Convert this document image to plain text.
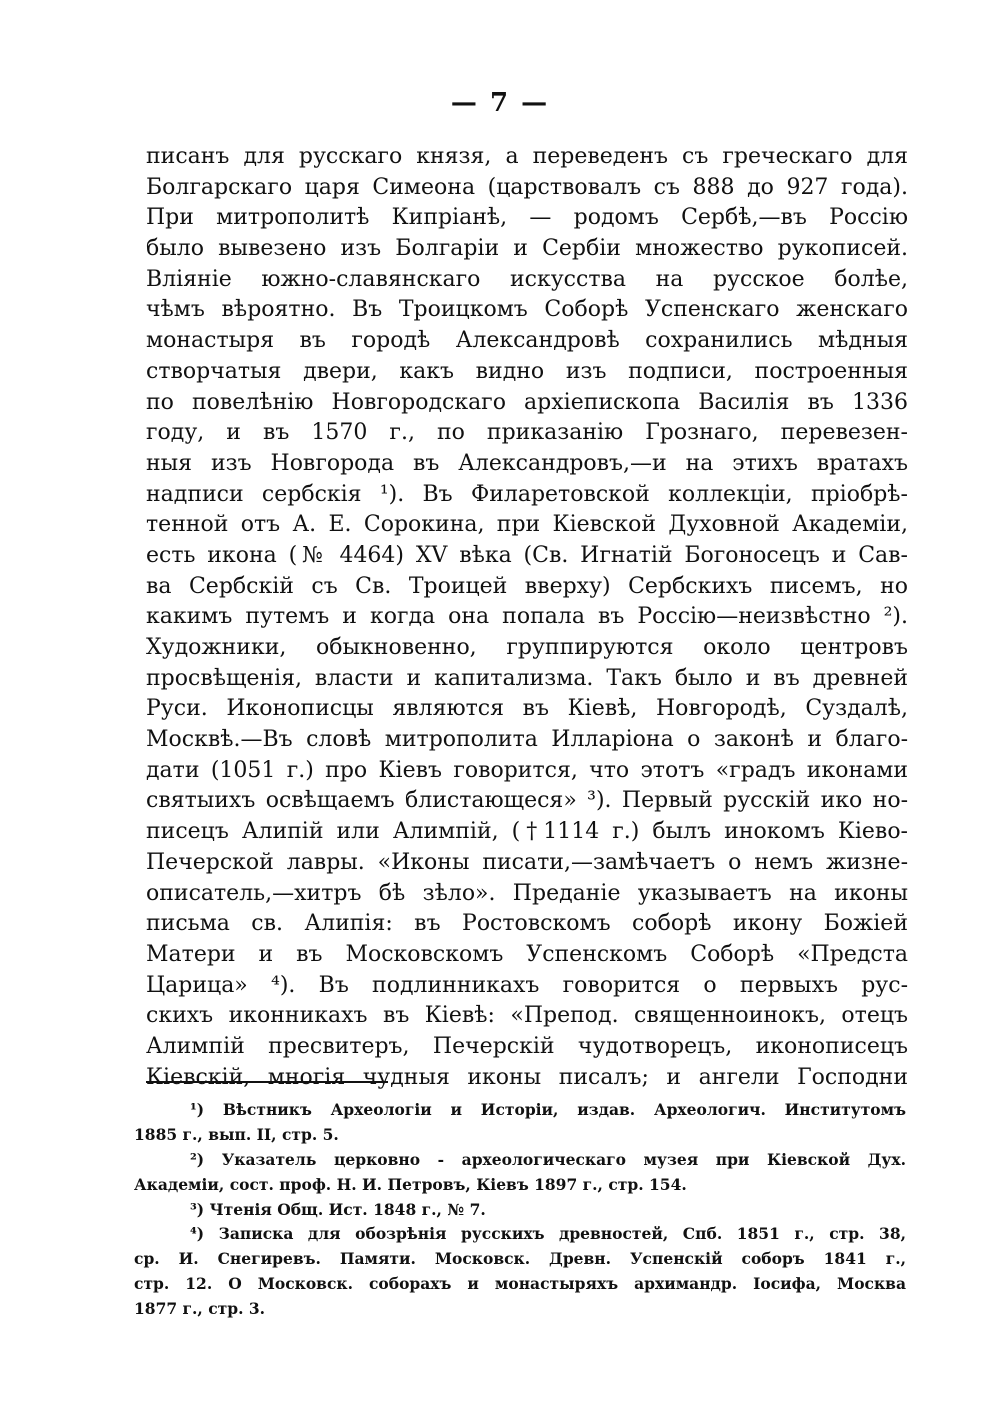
— 7 —
писанъ для русскаго князя, а переведенъ съ греческаго для
Болгарскаго царя Симеона (царствовалъ съ 888 до 927 года).
При митрополитѣ Кипріанѣ, — родомъ Сербѣ,—въ Россію
было вывезено изъ Болгаріи и Сербіи множество рукописей.
Вліяніе южно-славянскаго искусства на русское болѣе,
чѣмъ вѣроятно. Въ Троицкомъ Соборѣ Успенскаго женскаго
монастыря въ городѣ Александровѣ сохранились мѣдныя
створчатыя двери, какъ видно изъ подписи, построенныя
по повелѣнію Новгородскаго архіепископа Василія въ 1336
году, и въ 1570 г., по приказанію Грознаго, перевезен-
ныя изъ Новгорода въ Александровъ,—и на этихъ вратахъ
надписи сербскія ¹). Въ Филаретовской коллекціи, пріобрѣ-
тенной отъ А. Е. Сорокина, при Кіевской Духовной Академіи,
есть икона (№ 4464) XV вѣка (Св. Игнатій Богоносецъ и Сав-
ва Сербскій съ Св. Троицей вверху) Сербскихъ писемъ, но
какимъ путемъ и когда она попала въ Россію—неизвѣстно ²).
Художники, обыкновенно, группируются около центровъ
просвѣщенія, власти и капитализма. Такъ было и въ древней
Руси. Иконописцы являются въ Кіевѣ, Новгородѣ, Суздалѣ,
Москвѣ.—Въ словѣ митрополита Илларіона о законѣ и благо-
дати (1051 г.) про Кіевъ говорится, что этотъ «градъ иконами
святыихъ освѣщаемъ блистающеся» ³). Первый русскій ико но-
писецъ Алипій или Алимпій, (†1114 г.) былъ инокомъ Кіево-
Печерской лавры. «Иконы писати,—замѣчаетъ о немъ жизне-
описатель,—хитръ бѣ зѣло». Преданіе указываетъ на иконы
письма св. Алипія: въ Ростовскомъ соборѣ икону Божіей
Матери и въ Московскомъ Успенскомъ Соборѣ «Предста
Царица» ⁴). Въ подлинникахъ говорится о первыхъ рус-
скихъ иконникахъ въ Кіевѣ: «Препод. священноинокъ, отецъ
Алимпій пресвитеръ, Печерскій чудотворецъ, иконописецъ
Кіевскій, многія чудныя иконы писалъ; и ангели Господни
¹) Вѣстникъ Археологіи и Исторіи, издав. Археологич. Институтомъ
1885 г., вып. II, стр. 5.
²) Указатель церковно - археологическаго музея при Кіевской Дух.
Академіи, сост. проф. Н. И. Петровъ, Кіевъ 1897 г., стр. 154.
³) Чтенія Общ. Ист. 1848 г., № 7.
⁴) Записка для обозрѣнія русскихъ древностей, Спб. 1851 г., стр. 38,
ср. И. Снегиревъ. Памяти. Московск. Древн. Успенскій соборъ 1841 г.,
стр. 12. О Московск. соборахъ и монастыряхъ архимандр. Іосифа, Москва
1877 г., стр. 3.
